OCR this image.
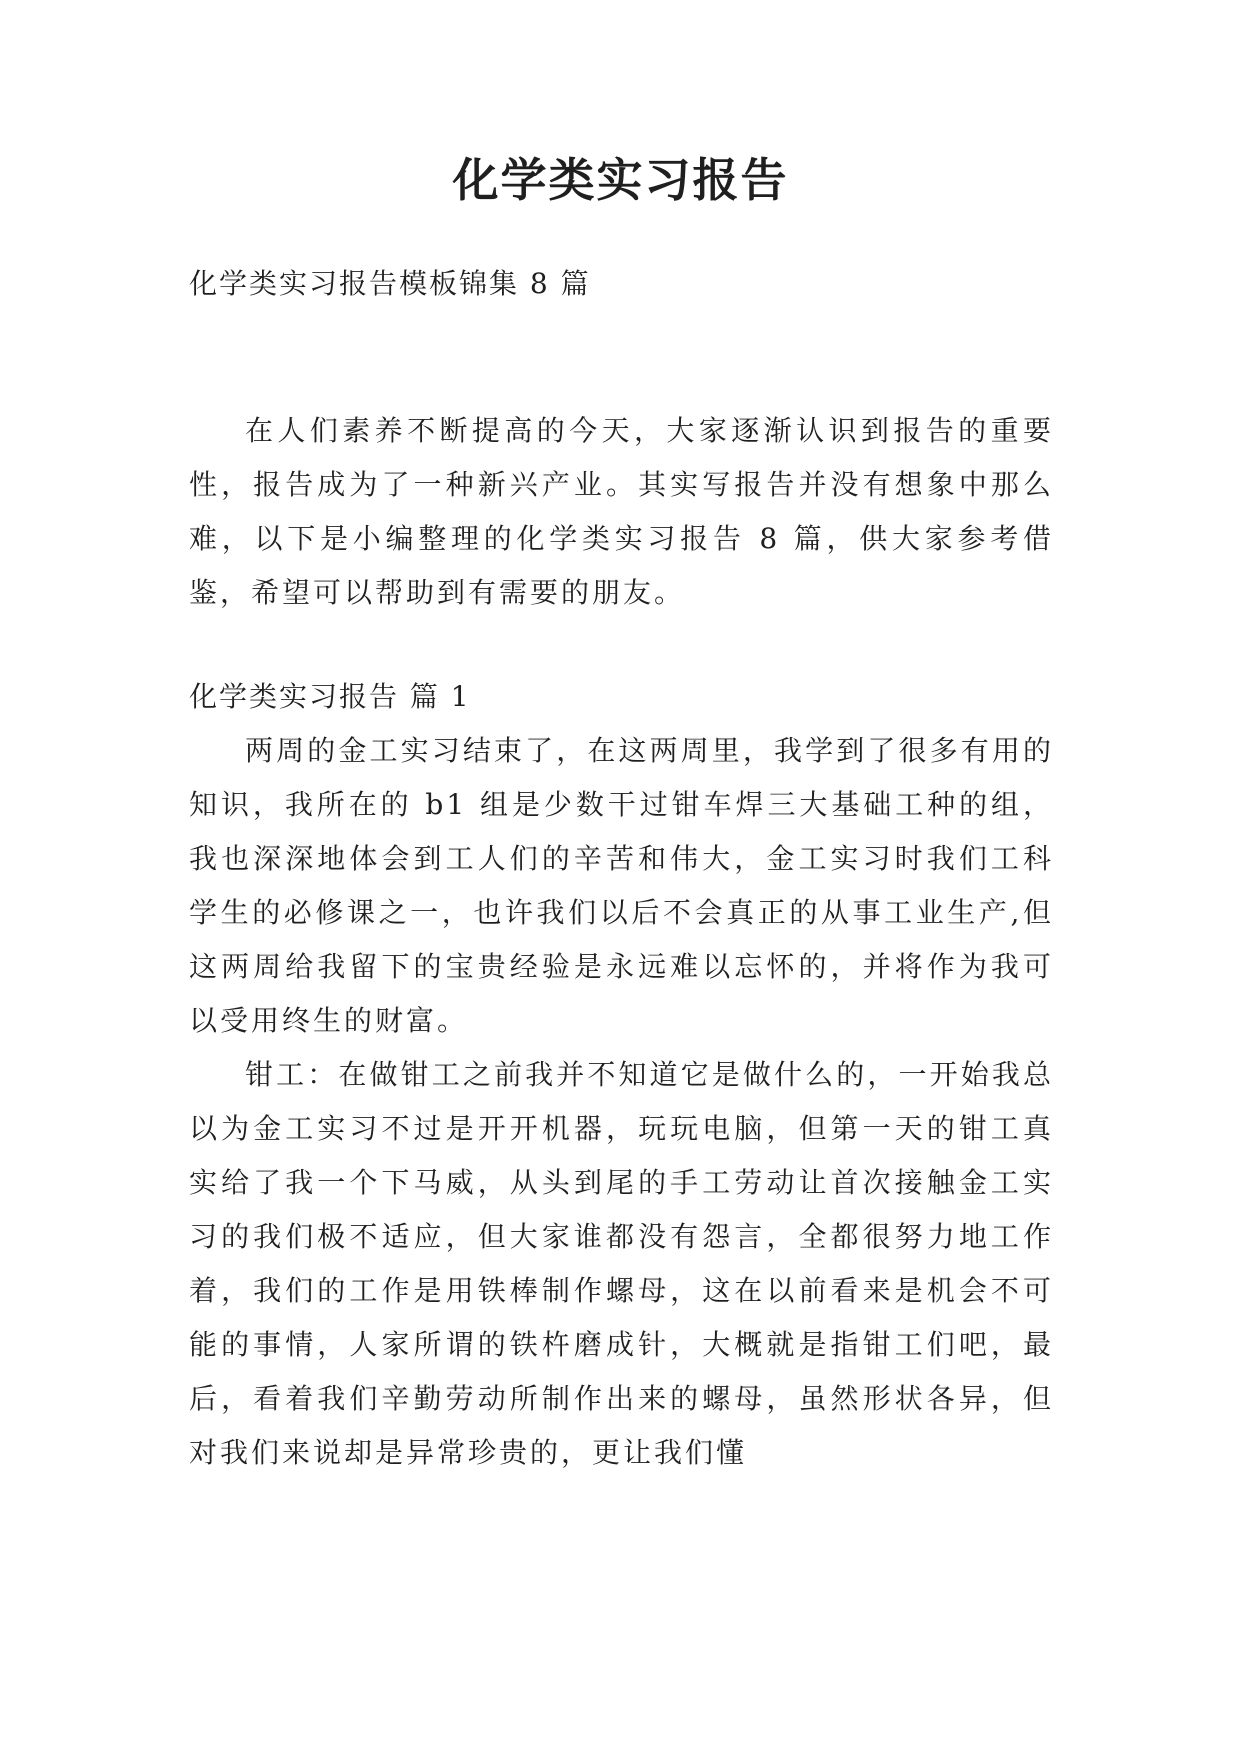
化学类实习报告
化学类实习报告模板锦集 8 篇

在人们素养不断提高的今天，大家逐渐认识到报告的重要性，报告成为了一种新兴产业。其实写报告并没有想象中那么难，以下是小编整理的化学类实习报告 8 篇，供大家参考借鉴，希望可以帮助到有需要的朋友。

化学类实习报告 篇 1

两周的金工实习结束了，在这两周里，我学到了很多有用的知识，我所在的 b1 组是少数干过钳车焊三大基础工种的组，我也深深地体会到工人们的辛苦和伟大，金工实习时我们工科学生的必修课之一，也许我们以后不会真正的从事工业生产,但这两周给我留下的宝贵经验是永远难以忘怀的，并将作为我可以受用终生的财富。

钳工：在做钳工之前我并不知道它是做什么的，一开始我总以为金工实习不过是开开机器，玩玩电脑，但第一天的钳工真实给了我一个下马威，从头到尾的手工劳动让首次接触金工实习的我们极不适应，但大家谁都没有怨言，全都很努力地工作着，我们的工作是用铁棒制作螺母，这在以前看来是机会不可能的事情，人家所谓的铁杵磨成针，大概就是指钳工们吧，最后，看着我们辛勤劳动所制作出来的螺母，虽然形状各异，但对我们来说却是异常珍贵的，更让我们懂
